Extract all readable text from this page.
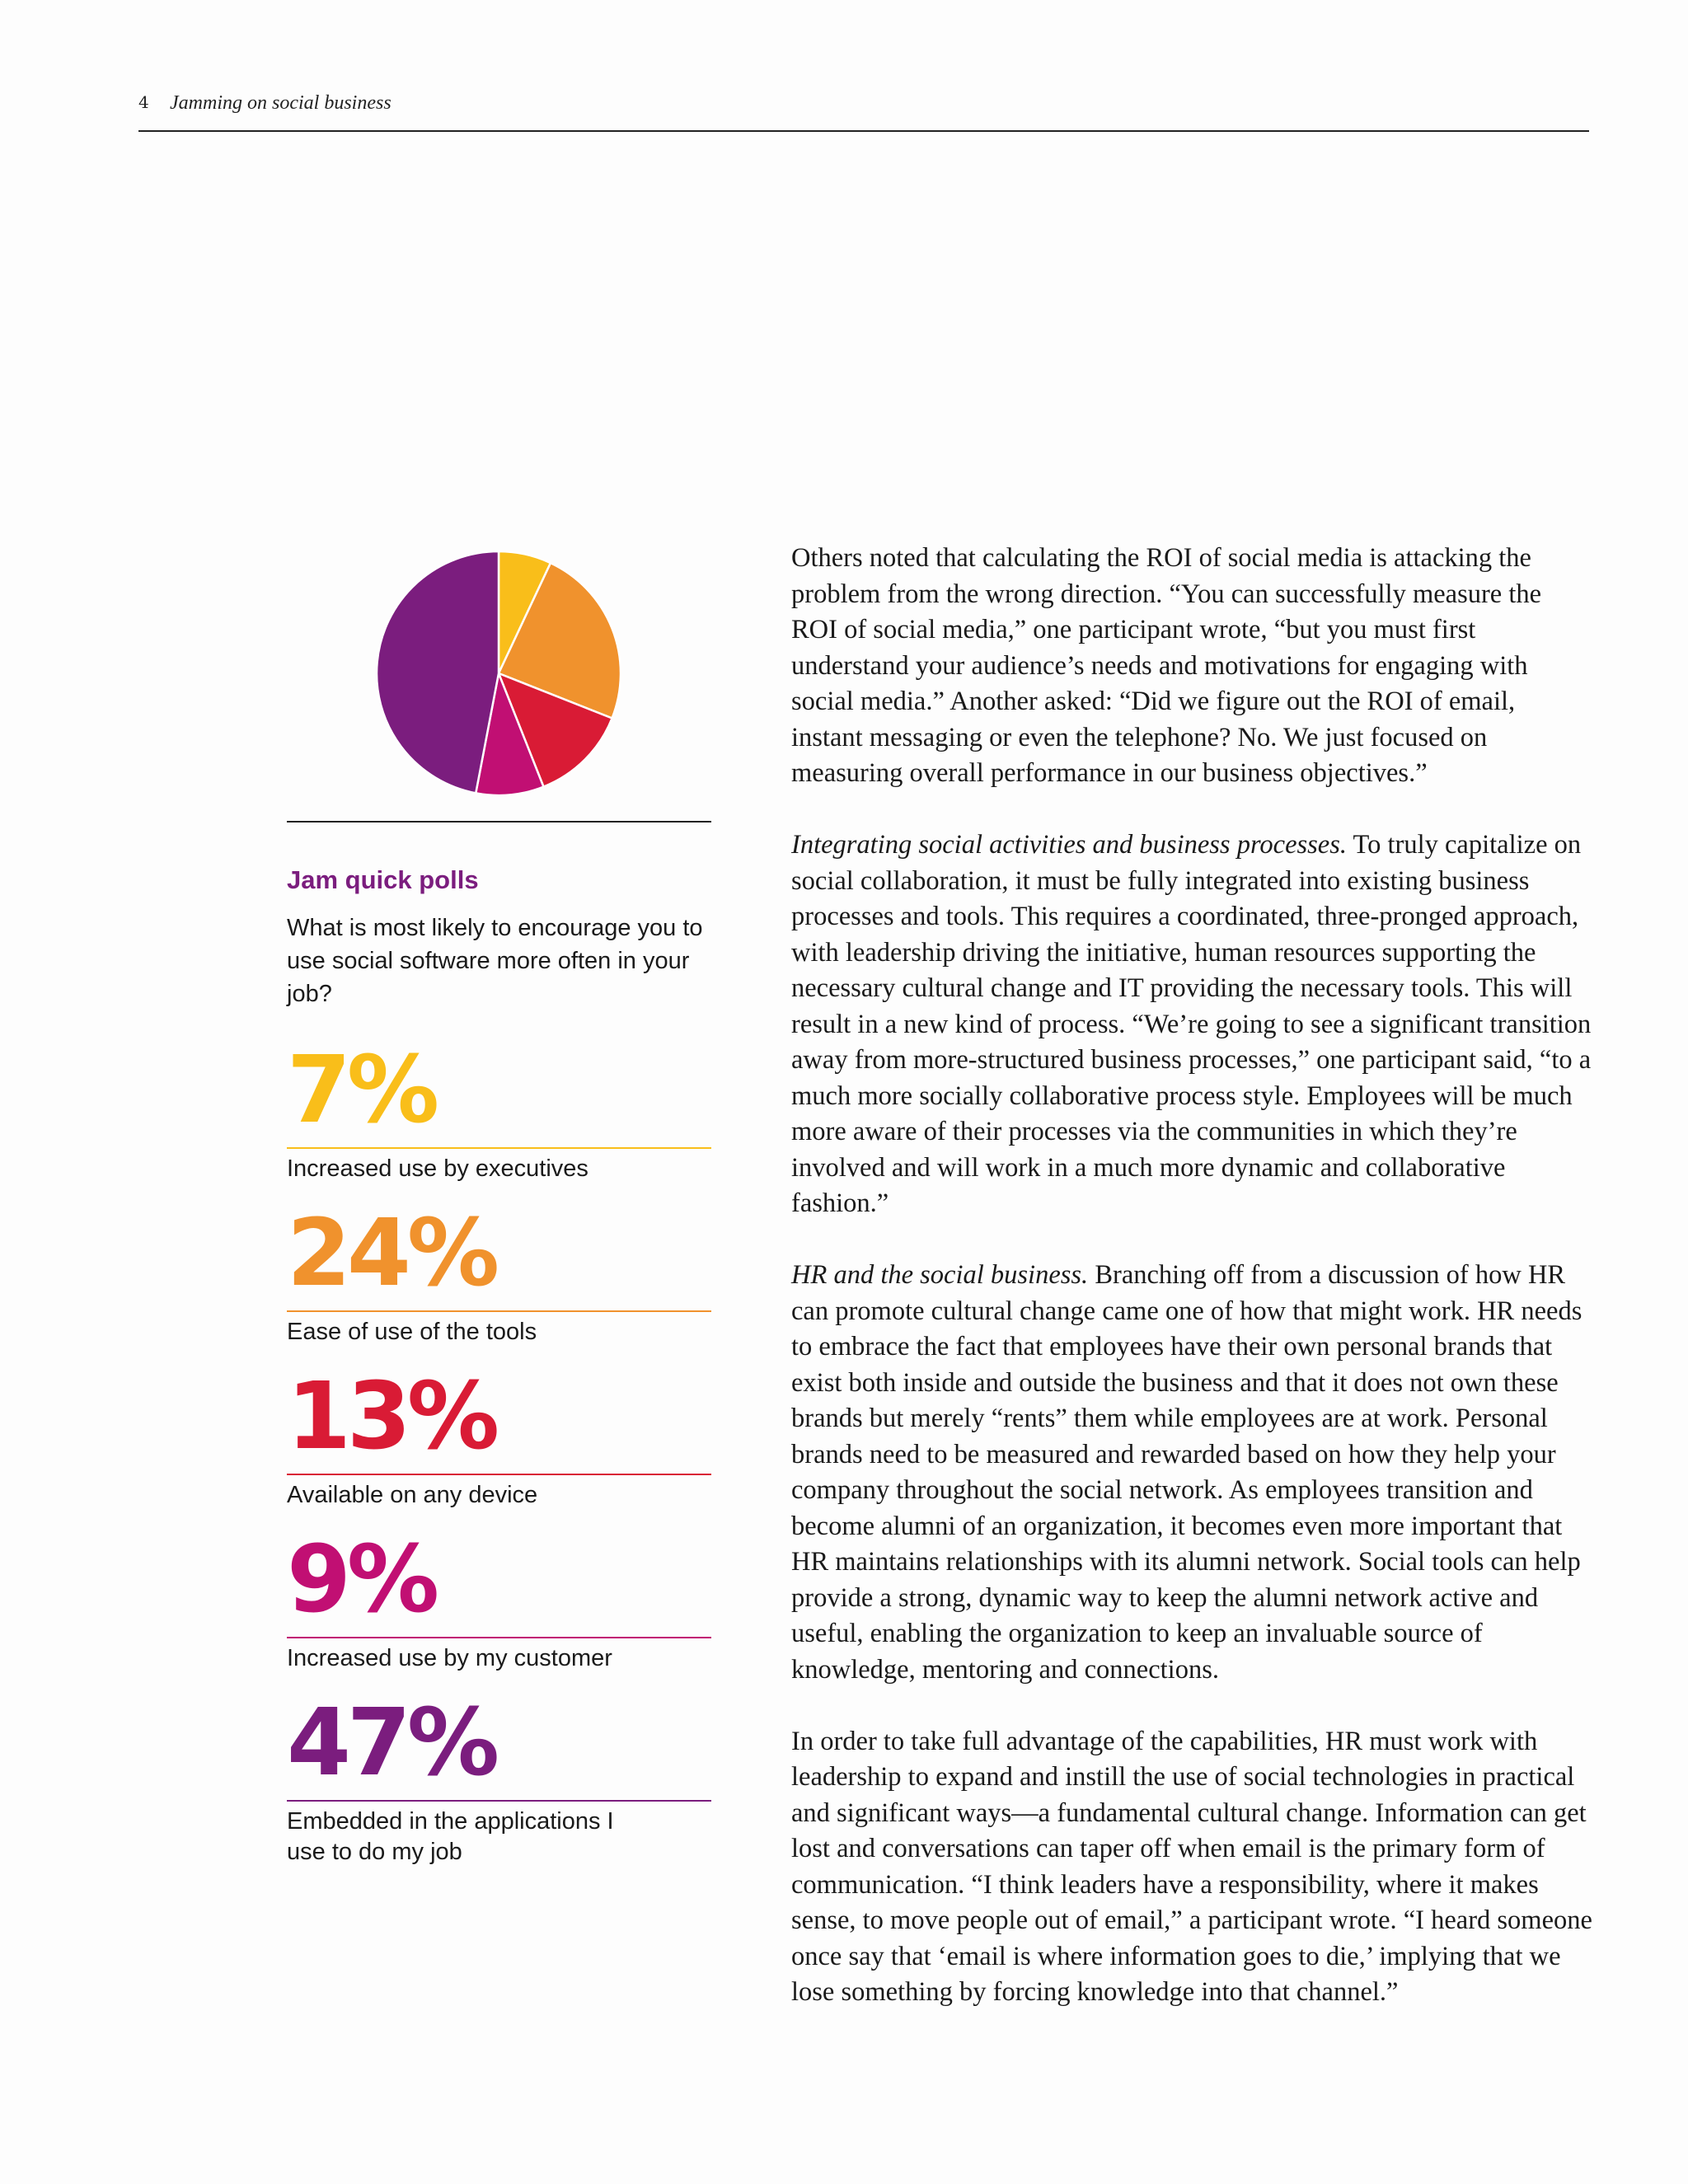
4 Jamming on social business

Jam quick polls

What is most likely to encourage you to use social software more often in your job?

7%
Increased use by executives
24%
Ease of use of the tools
13%
Available on any device
9%
Increased use by my customer
47%
Embedded in the applications I use to do my job

Others noted that calculating the ROI of social media is attacking the problem from the wrong direction. “You can successfully measure the ROI of social media,” one participant wrote, “but you must first understand your audience’s needs and motivations for engaging with social media.” Another asked: “Did we figure out the ROI of email, instant messaging or even the telephone? No. We just focused on measuring overall performance in our business objectives.”

Integrating social activities and business processes. To truly capitalize on social collaboration, it must be fully integrated into existing business processes and tools. This requires a coordinated, three-pronged approach, with leadership driving the initiative, human resources supporting the necessary cultural change and IT providing the necessary tools. This will result in a new kind of process. “We’re going to see a significant transition away from more-structured business processes,” one participant said, “to a much more socially collaborative process style. Employees will be much more aware of their processes via the communities in which they’re involved and will work in a much more dynamic and collaborative fashion.”

HR and the social business. Branching off from a discussion of how HR can promote cultural change came one of how that might work. HR needs to embrace the fact that employees have their own personal brands that exist both inside and outside the business and that it does not own these brands but merely “rents” them while employees are at work. Personal brands need to be measured and rewarded based on how they help your company throughout the social network. As employees transition and become alumni of an organization, it becomes even more important that HR maintains relationships with its alumni network. Social tools can help provide a strong, dynamic way to keep the alumni network active and useful, enabling the organization to keep an invaluable source of knowledge, mentoring and connections.

In order to take full advantage of the capabilities, HR must work with leadership to expand and instill the use of social technologies in practical and significant ways—a fundamental cultural change. Information can get lost and conversations can taper off when email is the primary form of communication. “I think leaders have a responsibility, where it makes sense, to move people out of email,” a participant wrote. “I heard someone once say that ‘email is where information goes to die,’ implying that we lose something by forcing knowledge into that channel.”
